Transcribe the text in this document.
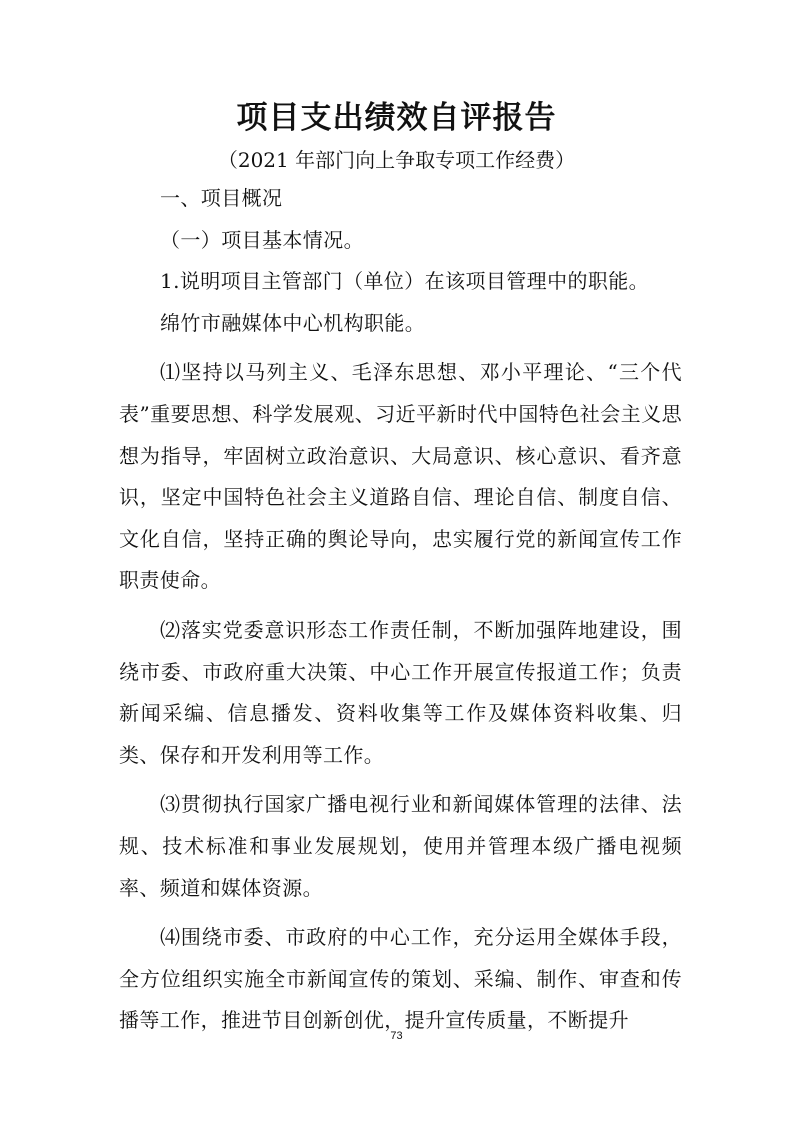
项目支出绩效自评报告

（2021 年部门向上争取专项工作经费）

一、项目概况

（一）项目基本情况。

1.说明项目主管部门（单位）在该项目管理中的职能。

绵竹市融媒体中心机构职能。

⑴坚持以马列主义、毛泽东思想、邓小平理论、“三个代表”重要思想、科学发展观、习近平新时代中国特色社会主义思想为指导，牢固树立政治意识、大局意识、核心意识、看齐意识，坚定中国特色社会主义道路自信、理论自信、制度自信、文化自信，坚持正确的舆论导向，忠实履行党的新闻宣传工作职责使命。

⑵落实党委意识形态工作责任制，不断加强阵地建设，围绕市委、市政府重大决策、中心工作开展宣传报道工作；负责新闻采编、信息播发、资料收集等工作及媒体资料收集、归类、保存和开发利用等工作。

⑶贯彻执行国家广播电视行业和新闻媒体管理的法律、法规、技术标准和事业发展规划，使用并管理本级广播电视频率、频道和媒体资源。

⑷围绕市委、市政府的中心工作，充分运用全媒体手段，全方位组织实施全市新闻宣传的策划、采编、制作、审查和传播等工作，推进节目创新创优，提升宣传质量，不断提升

73
